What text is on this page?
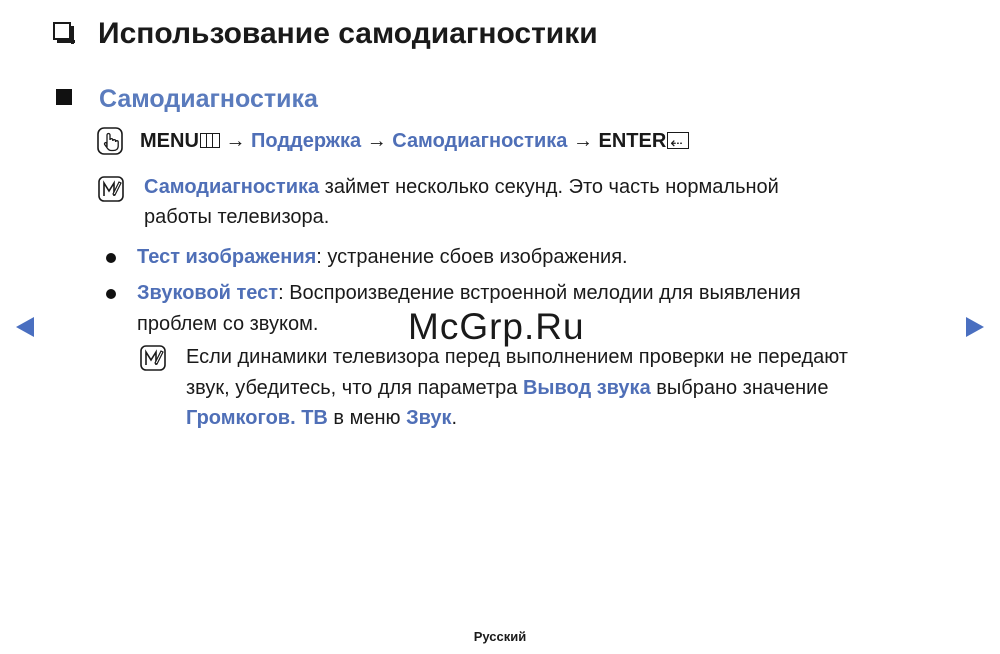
Использование самодиагностики
Самодиагностика
MENU → Поддержка → Самодиагностика → ENTER⇠
Самодиагностика займет несколько секунд. Это часть нормальной
работы телевизора.
Тест изображения: устранение сбоев изображения.
Звуковой тест: Воспроизведение встроенной мелодии для выявления
проблем со звуком.
Если динамики телевизора перед выполнением проверки не передают
звук, убедитесь, что для параметра Вывод звука выбрано значение
Громкогов. ТВ в меню Звук.
McGrp.Ru
Русский
